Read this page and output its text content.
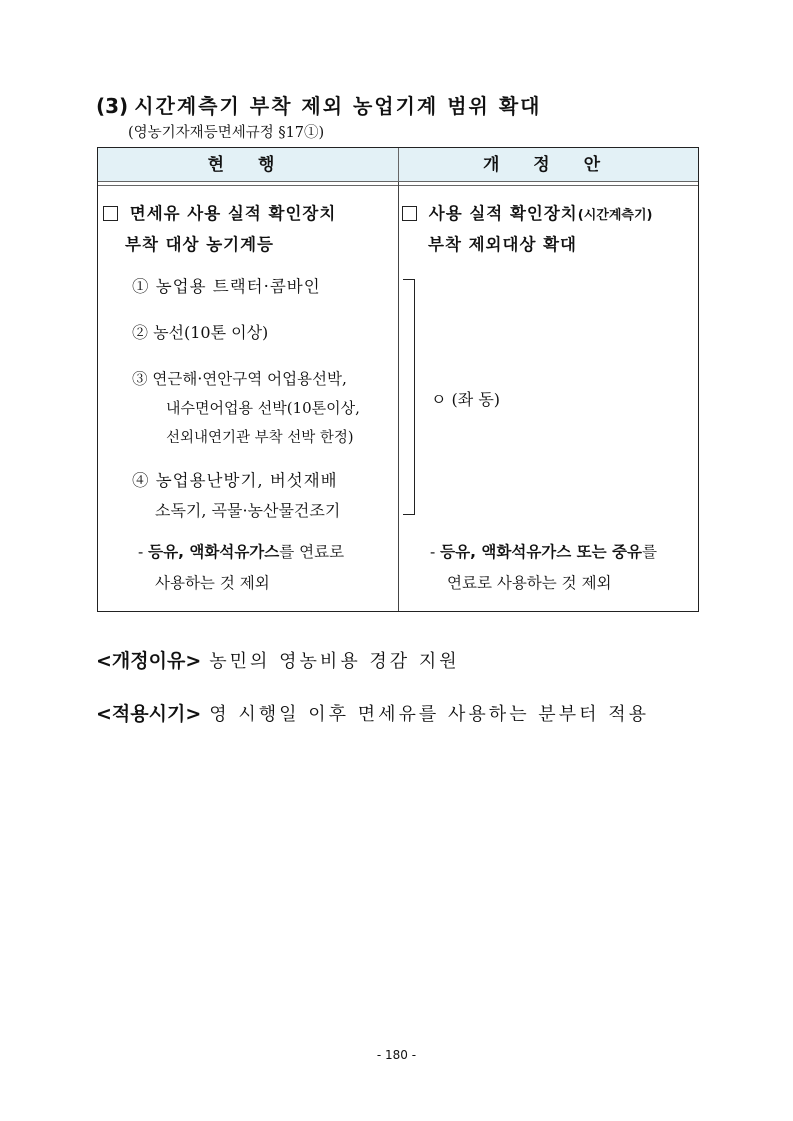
(3) 시간계측기 부착 제외 농업기계 범위 확대
(영농기자재등면세규정 §17①)
현 행	개 정 안
면세유 사용 실적 확인장치
부착 대상 농기계등
① 농업용 트랙터·콤바인
② 농선(10톤 이상)
③ 연근해·연안구역 어업용선박,
내수면어업용 선박(10톤이상,
선외내연기관 부착 선박 한정)
④ 농업용난방기, 버섯재배
소독기, 곡물·농산물건조기
- 등유, 액화석유가스를 연료로
사용하는 것 제외
사용 실적 확인장치(시간계측기)
부착 제외대상 확대
ㅇ (좌 동)
- 등유, 액화석유가스 또는 중유를
연료로 사용하는 것 제외
<개정이유> 농민의 영농비용 경감 지원
<적용시기> 영 시행일 이후 면세유를 사용하는 분부터 적용
- 180 -
